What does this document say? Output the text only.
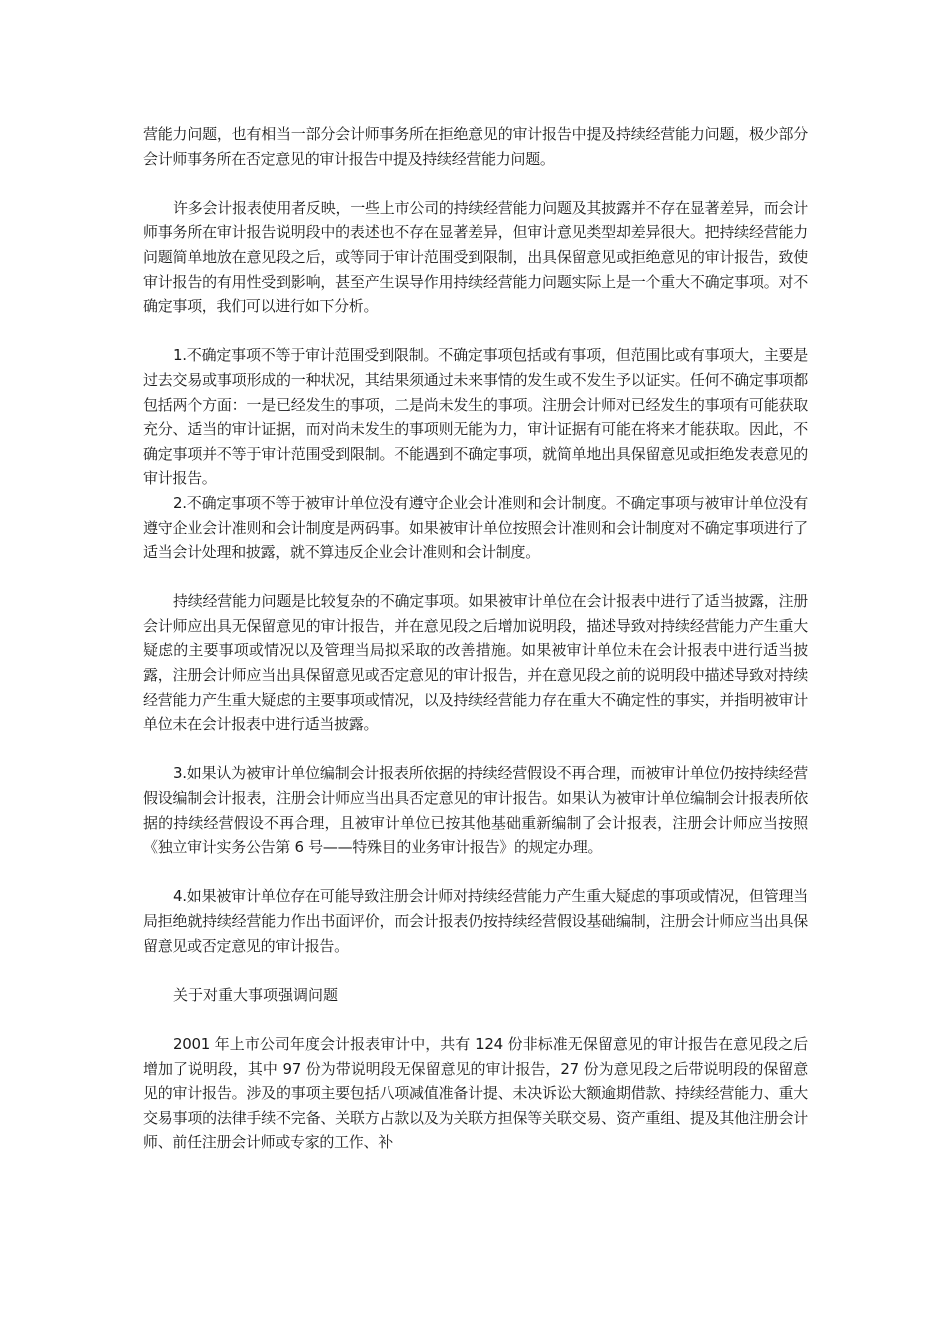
营能力问题，也有相当一部分会计师事务所在拒绝意见的审计报告中提及持续经营能力问题，极少部分会计师事务所在否定意见的审计报告中提及持续经营能力问题。

许多会计报表使用者反映，一些上市公司的持续经营能力问题及其披露并不存在显著差异，而会计师事务所在审计报告说明段中的表述也不存在显著差异，但审计意见类型却差异很大。把持续经营能力问题简单地放在意见段之后，或等同于审计范围受到限制，出具保留意见或拒绝意见的审计报告，致使审计报告的有用性受到影响，甚至产生误导作用持续经营能力问题实际上是一个重大不确定事项。对不确定事项，我们可以进行如下分析。

1.不确定事项不等于审计范围受到限制。不确定事项包括或有事项，但范围比或有事项大，主要是过去交易或事项形成的一种状况，其结果须通过未来事情的发生或不发生予以证实。任何不确定事项都包括两个方面：一是已经发生的事项，二是尚未发生的事项。注册会计师对已经发生的事项有可能获取充分、适当的审计证据，而对尚未发生的事项则无能为力，审计证据有可能在将来才能获取。因此，不确定事项并不等于审计范围受到限制。不能遇到不确定事项，就简单地出具保留意见或拒绝发表意见的审计报告。

2.不确定事项不等于被审计单位没有遵守企业会计准则和会计制度。不确定事项与被审计单位没有遵守企业会计准则和会计制度是两码事。如果被审计单位按照会计准则和会计制度对不确定事项进行了适当会计处理和披露，就不算违反企业会计准则和会计制度。

持续经营能力问题是比较复杂的不确定事项。如果被审计单位在会计报表中进行了适当披露，注册会计师应出具无保留意见的审计报告，并在意见段之后增加说明段，描述导致对持续经营能力产生重大疑虑的主要事项或情况以及管理当局拟采取的改善措施。如果被审计单位未在会计报表中进行适当披露，注册会计师应当出具保留意见或否定意见的审计报告，并在意见段之前的说明段中描述导致对持续经营能力产生重大疑虑的主要事项或情况，以及持续经营能力存在重大不确定性的事实，并指明被审计单位未在会计报表中进行适当披露。

3.如果认为被审计单位编制会计报表所依据的持续经营假设不再合理，而被审计单位仍按持续经营假设编制会计报表，注册会计师应当出具否定意见的审计报告。如果认为被审计单位编制会计报表所依据的持续经营假设不再合理，且被审计单位已按其他基础重新编制了会计报表，注册会计师应当按照《独立审计实务公告第 6 号——特殊目的业务审计报告》的规定办理。

4.如果被审计单位存在可能导致注册会计师对持续经营能力产生重大疑虑的事项或情况，但管理当局拒绝就持续经营能力作出书面评价，而会计报表仍按持续经营假设基础编制，注册会计师应当出具保留意见或否定意见的审计报告。

关于对重大事项强调问题

2001 年上市公司年度会计报表审计中，共有 124 份非标准无保留意见的审计报告在意见段之后增加了说明段，其中 97 份为带说明段无保留意见的审计报告，27 份为意见段之后带说明段的保留意见的审计报告。涉及的事项主要包括八项减值准备计提、未决诉讼大额逾期借款、持续经营能力、重大交易事项的法律手续不完备、关联方占款以及为关联方担保等关联交易、资产重组、提及其他注册会计师、前任注册会计师或专家的工作、补
